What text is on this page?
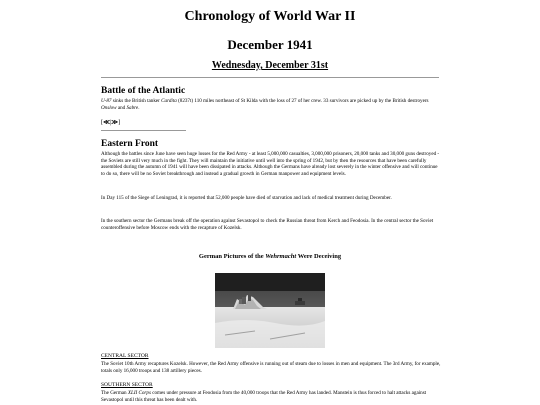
Chronology of World War II
December 1941
Wednesday, December 31st
Battle of the Atlantic

U-87 sinks the British tanker Cardita (8237t) 110 miles northeast of St Kilda with the loss of 27 of her crew. 33 survivors are picked up by the British destroyers Onslow and Sabre.

[≪|≫]
Eastern Front

Although the battles since June have seen huge losses for the Red Army - at least 5,000,000 casualties, 3,000,000 prisoners, 20,000 tanks and 30,000 guns destroyed - the Soviets are still very much in the fight. They will maintain the initiative until well into the spring of 1942, but by then the resources that have been carefully assembled during the autumn of 1941 will have been dissipated in attacks. Although the Germans have already lost severely in the winter offensive and will continue to do so, there will be no Soviet breakthrough and instead a gradual growth in German manpower and equipment levels.

In Day 115 of the Siege of Leningrad, it is reported that 52,000 people have died of starvation and lack of medical treatment during December.

In the southern sector the Germans break off the operation against Sevastopol to check the Russian threat from Kerch and Feodosia. In the central sector the Soviet counteroffensive before Moscow ends with the recapture of Kozelsk.

German Pictures of the Wehrmacht Were Deceiving
CENTRAL SECTOR

The Soviet 10th Army recaptures Kozelsk. However, the Red Army offensive is running out of steam due to losses in men and equipment. The 3rd Army, for example, totals only 16,000 troops and 138 artillery pieces.

SOUTHERN SECTOR

The German XLII Corps comes under pressure at Feodosia from the 40,000 troops that the Red Army has landed. Manstein is thus forced to halt attacks against Sevastopol until this threat has been dealt with.
